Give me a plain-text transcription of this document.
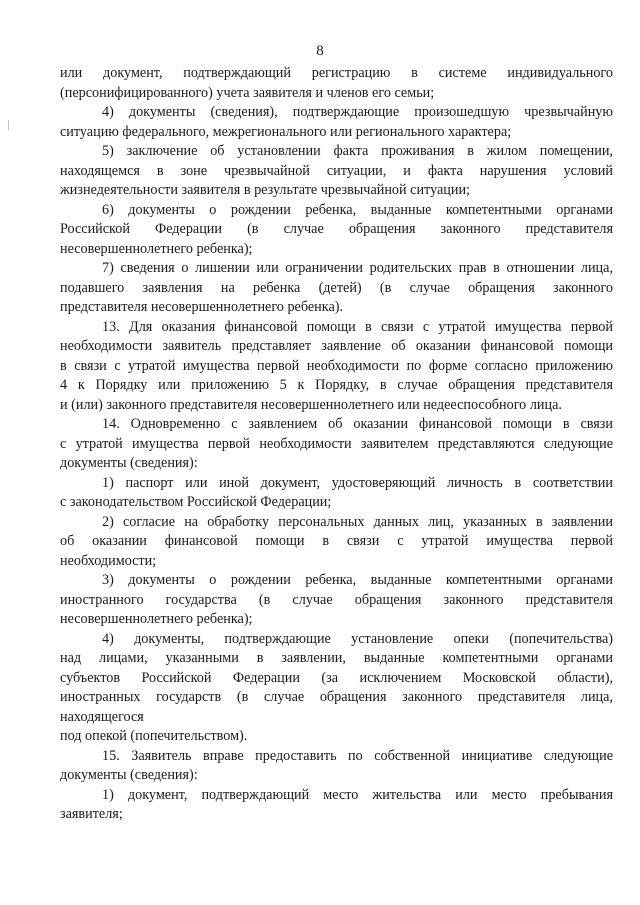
8
или документ, подтверждающий регистрацию в системе индивидуального
(персонифицированного) учета заявителя и членов его семьи;
4) документы (сведения), подтверждающие произошедшую чрезвычайную
ситуацию федерального, межрегионального или регионального характера;
5) заключение об установлении факта проживания в жилом помещении,
находящемся в зоне чрезвычайной ситуации, и факта нарушения условий
жизнедеятельности заявителя в результате чрезвычайной ситуации;
6) документы о рождении ребенка, выданные компетентными органами
Российской Федерации (в случае обращения законного представителя
несовершеннолетнего ребенка);
7) сведения о лишении или ограничении родительских прав в отношении лица,
подавшего заявления на ребенка (детей) (в случае обращения законного
представителя несовершеннолетнего ребенка).
13. Для оказания финансовой помощи в связи с утратой имущества первой
необходимости заявитель представляет заявление об оказании финансовой помощи
в связи с утратой имущества первой необходимости по форме согласно приложению
4 к Порядку или приложению 5 к Порядку, в случае обращения представителя
и (или) законного представителя несовершеннолетнего или недееспособного лица.
14. Одновременно с заявлением об оказании финансовой помощи в связи
с утратой имущества первой необходимости заявителем представляются следующие
документы (сведения):
1) паспорт или иной документ, удостоверяющий личность в соответствии
с законодательством Российской Федерации;
2) согласие на обработку персональных данных лиц, указанных в заявлении
об оказании финансовой помощи в связи с утратой имущества первой
необходимости;
3) документы о рождении ребенка, выданные компетентными органами
иностранного государства (в случае обращения законного представителя
несовершеннолетнего ребенка);
4) документы, подтверждающие установление опеки (попечительства)
над лицами, указанными в заявлении, выданные компетентными органами
субъектов Российской Федерации (за исключением Московской области),
иностранных государств (в случае обращения законного представителя лица,
находящегося
под опекой (попечительством).
15. Заявитель вправе предоставить по собственной инициативе следующие
документы (сведения):
1) документ, подтверждающий место жительства или место пребывания
заявителя;
